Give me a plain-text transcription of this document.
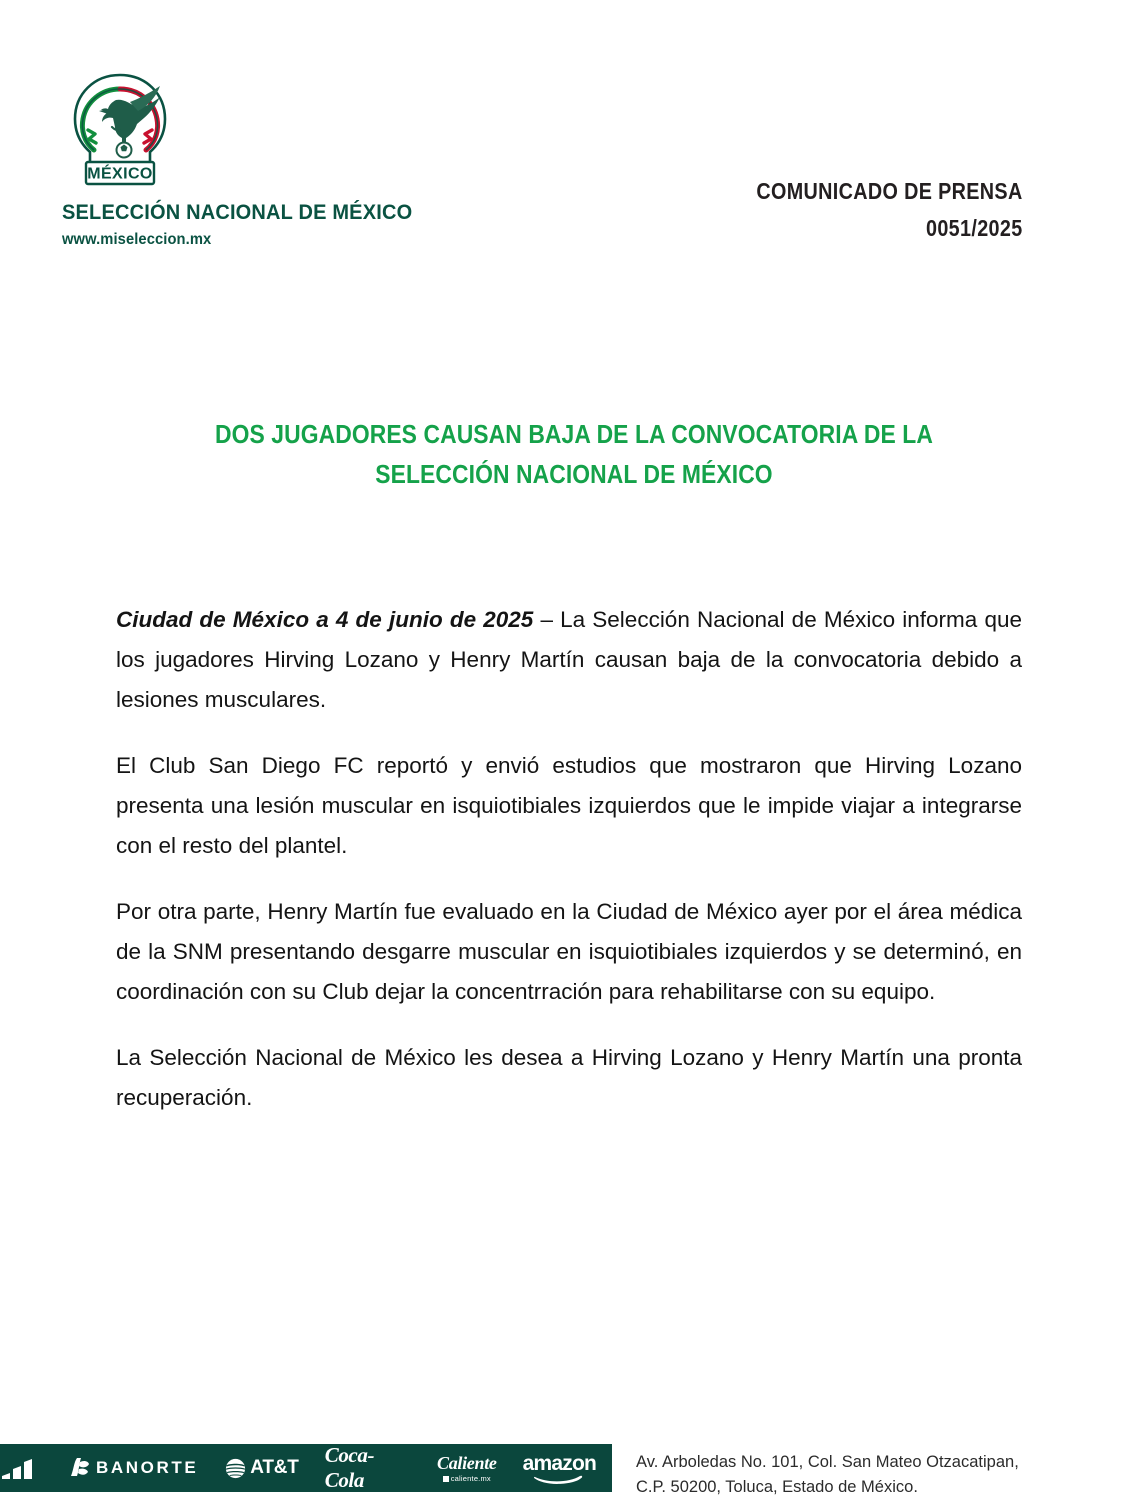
MÉXICO
SELECCIÓN NACIONAL DE MÉXICO
www.miseleccion.mx
COMUNICADO DE PRENSA
0051/2025
DOS JUGADORES CAUSAN BAJA DE LA CONVOCATORIA DE LA SELECCIÓN NACIONAL DE MÉXICO

Ciudad de México a 4 de junio de 2025 – La Selección Nacional de México informa que los jugadores Hirving Lozano y Henry Martín causan baja de la convocatoria debido a lesiones musculares.

El Club San Diego FC reportó y envió estudios que mostraron que Hirving Lozano presenta una lesión muscular en isquiotibiales izquierdos que le impide viajar a integrarse con el resto del plantel.

Por otra parte, Henry Martín fue evaluado en la Ciudad de México ayer por el área médica de la SNM presentando desgarre muscular en isquiotibiales izquierdos y se determinó, en coordinación con su Club dejar la concentrración para rehabilitarse con su equipo.

La Selección Nacional de México les desea a Hirving Lozano y Henry Martín una pronta recuperación.

BANORTE	AT&T
Coca-Cola
Caliente
caliente.mx
amazon Av. Arboledas No. 101, Col. San Mateo Otzacatipan,
C.P. 50200, Toluca, Estado de México.
